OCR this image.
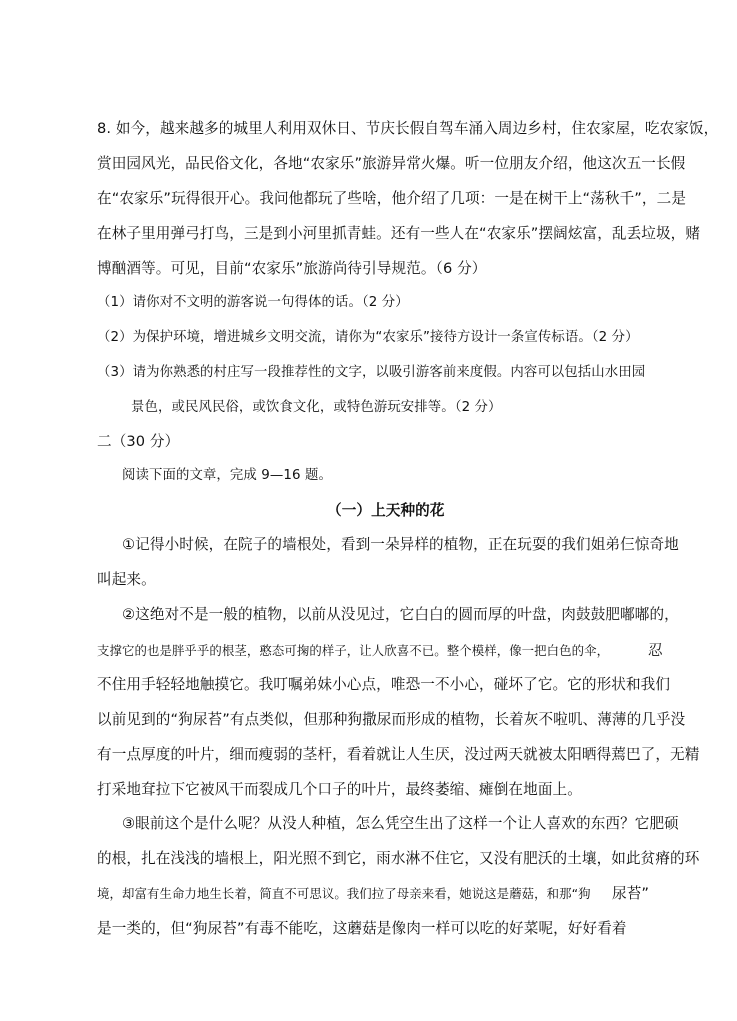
8. 如今，越来越多的城里人利用双休日、节庆长假自驾车涌入周边乡村，住农家屋，吃农家饭，
赏田园风光，品民俗文化，各地“农家乐”旅游异常火爆。听一位朋友介绍，他这次五一长假
在“农家乐”玩得很开心。我问他都玩了些啥，他介绍了几项：一是在树干上“荡秋千”，二是
在林子里用弹弓打鸟，三是到小河里抓青蛙。还有一些人在“农家乐”摆阔炫富，乱丢垃圾，赌
博酗酒等。可见，目前“农家乐”旅游尚待引导规范。（6 分）
（1）请你对不文明的游客说一句得体的话。（2 分）
（2）为保护环境，增进城乡文明交流，请你为“农家乐”接待方设计一条宣传标语。（2 分）
（3）请为你熟悉的村庄写一段推荐性的文字，以吸引游客前来度假。内容可以包括山水田园
景色，或民风民俗，或饮食文化，或特色游玩安排等。（2 分）
二（30 分）
阅读下面的文章，完成 9—16 题。
（一）上天种的花
①记得小时候，在院子的墙根处，看到一朵异样的植物，正在玩耍的我们姐弟仨惊奇地
叫起来。
②这绝对不是一般的植物，以前从没见过，它白白的圆而厚的叶盘，肉鼓鼓肥嘟嘟的，
支撑它的也是胖乎乎的根茎，憨态可掬的样子，让人欣喜不已。整个模样，像一把白色的伞，	忍
不住用手轻轻地触摸它。我叮嘱弟妹小心点，唯恐一不小心，碰坏了它。它的形状和我们
以前见到的“狗尿苔”有点类似，但那种狗撒尿而形成的植物，长着灰不啦叽、薄薄的几乎没
有一点厚度的叶片，细而瘦弱的茎杆，看着就让人生厌，没过两天就被太阳晒得蔫巴了，无精
打采地耷拉下它被风干而裂成几个口子的叶片，最终萎缩、瘫倒在地面上。
③眼前这个是什么呢？从没人种植，怎么凭空生出了这样一个让人喜欢的东西？它肥硕
的根，扎在浅浅的墙根上，阳光照不到它，雨水淋不住它，又没有肥沃的土壤，如此贫瘠的环
境，却富有生命力地生长着，简直不可思议。我们拉了母亲来看，她说这是蘑菇，和那“狗 尿苔”
是一类的，但“狗尿苔”有毒不能吃，这蘑菇是像肉一样可以吃的好菜呢，好好看着
